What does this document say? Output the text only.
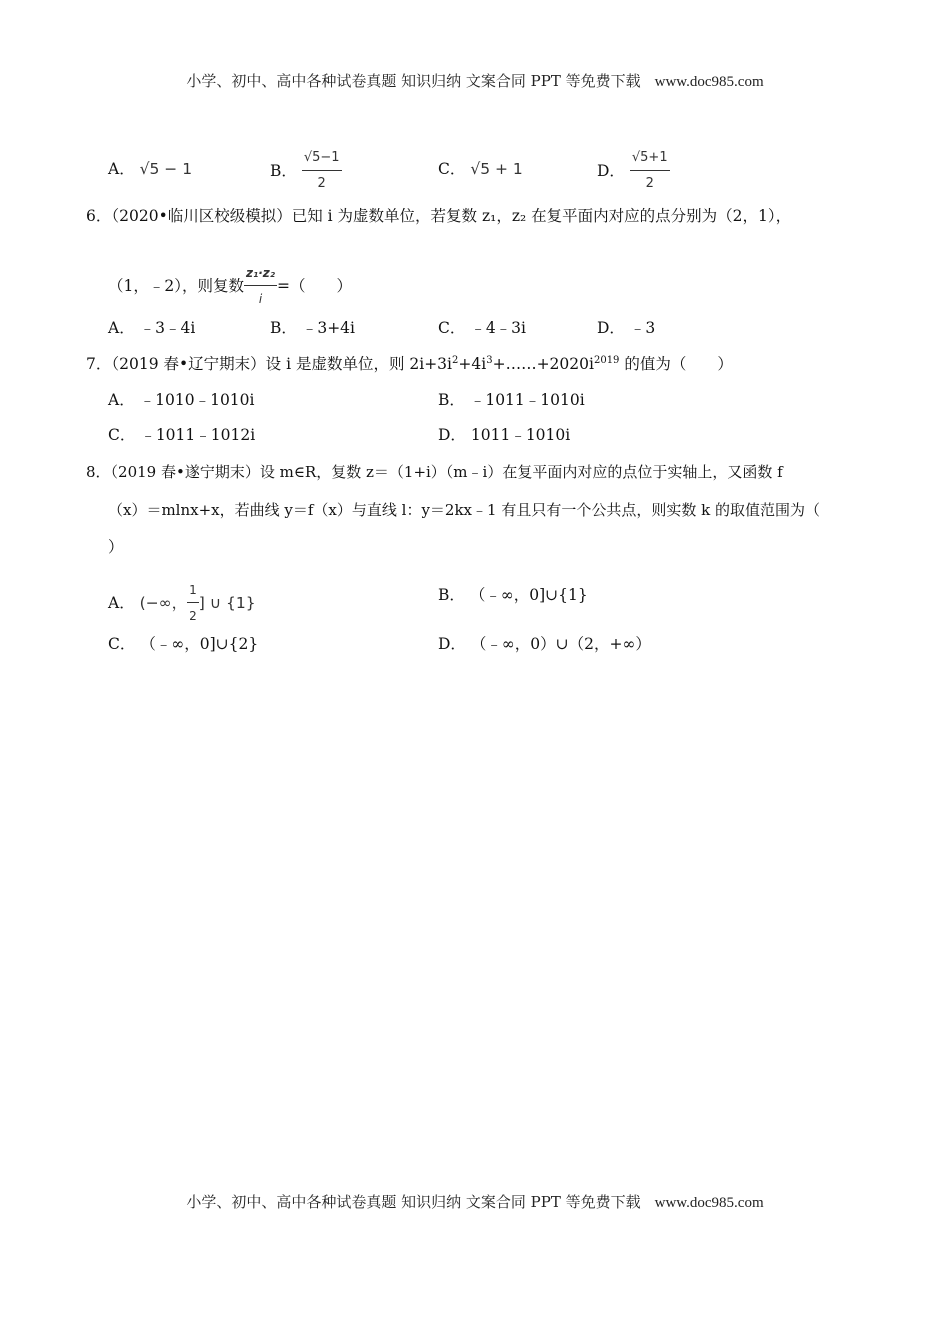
小学、初中、高中各种试卷真题 知识归纳 文案合同 PPT 等免费下载 www.doc985.com
A． √5 − 1	B． $\frac{√5-1}{2}$	C． √5 + 1	D． $\frac{√5+1}{2}$
6．（2020•临川区校级模拟）已知 i 为虚数单位，若复数 z₁，z₂ 在复平面内对应的点分别为（2，1），
（1，﹣2），则复数 $\frac{\text{z₁·z₂}}{i}$ =（　　）
A． ﹣3﹣4i	B． ﹣3+4i	C． ﹣4﹣3i	D． ﹣3
7．（2019 春•辽宁期末）设 i 是虚数单位，则 $2i+3i^2+4i^3+\dots\dots+2020i^{2019}$ 的值为（　　）
A． ﹣1010﹣1010i	B． ﹣1011﹣1010i
C． ﹣1011﹣1012i	D． 1011﹣1010i
8．（2019 春•遂宁期末）设 m∈R，复数 z＝（1+i）（m﹣i）在复平面内对应的点位于实轴上，又函数 f
（x）＝mlnx+x，若曲线 y＝f（x）与直线 l：y＝2kx﹣1 有且只有一个公共点，则实数 k 的取值范围为（
）
A． (−∞， $\frac{1}{2}$ ] ∪ {1}	B． （﹣∞，0]∪{1}
C． （﹣∞，0]∪{2}	D． （﹣∞，0）∪（2，+∞）
小学、初中、高中各种试卷真题 知识归纳 文案合同 PPT 等免费下载 www.doc985.com
